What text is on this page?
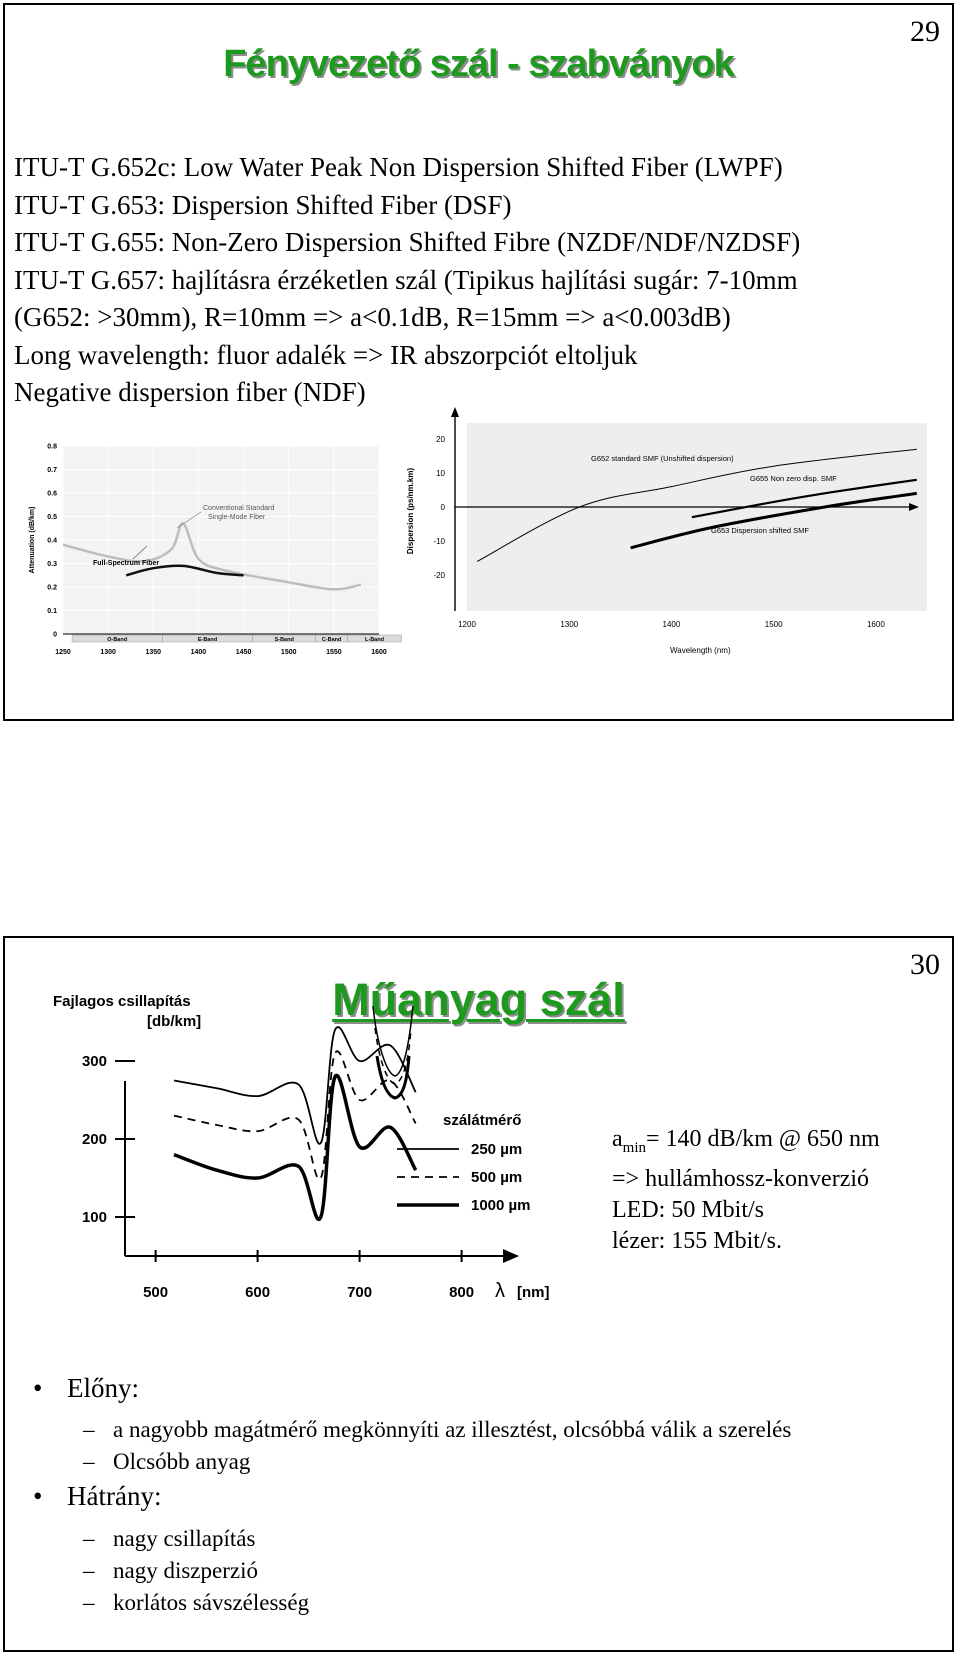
29
Fényvezető szál - szabványok
ITU-T G.652c: Low Water Peak Non Dispersion Shifted Fiber (LWPF)
ITU-T G.653: Dispersion Shifted Fiber (DSF)
ITU-T G.655: Non-Zero Dispersion Shifted Fibre (NZDF/NDF/NZDSF)
ITU-T G.657: hajlításra érzéketlen szál (Tipikus hajlítási sugár: 7-10mm
(G652: >30mm), R=10mm => a<0.1dB, R=15mm => a<0.003dB)
Long wavelength: fluor adalék => IR abszorpciót eltoljuk
Negative dispersion fiber (NDF)
O-Band	E-Band	S-Band	C-Band	L-Band
1250	1300	1350	1400	1450	1500	1550	1600
0
0.1
0.2
0.3
0.4
0.5
0.6
0.7
0.8
Attenuation (dB/km)	Conventional Standard
Single-Mode Fiber
Full-Spectrum Fiber
1200	1300	1400	1500	1600
20
10
0
-10
-20
Dispersion (ps/nm.km)
Wavelength (nm)
G652 standard SMF (Unshifted dispersion)
G655 Non zero disp. SMF
G653 Dispersion shifted SMF
30
Műanyag szál
Fajlagos csillapítás
[db/km]
500	600	700	800
300
200
100
szálátmérő
250 µm
500 µm
1000 µm
λ [nm]
$a_{min}= 140$ dB/km @ 650 nm
=> hullámhossz-konverzió
LED: 50 Mbit/s
lézer: 155 Mbit/s.
• Előny:
– a nagyobb magátmérő megkönnyíti az illesztést, olcsóbbá válik a szerelés
– Olcsóbb anyag
• Hátrány:
– nagy csillapítás
– nagy diszperzió
– korlátos sávszélesség
